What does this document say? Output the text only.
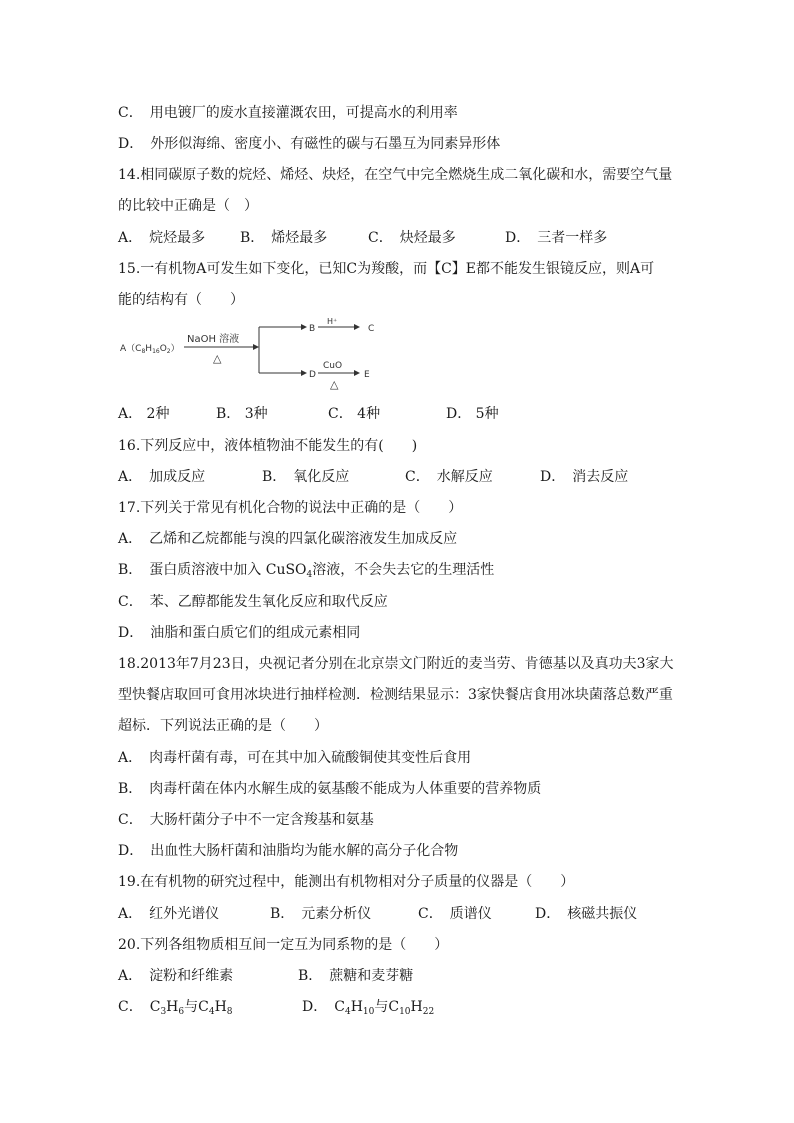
C．　用电镀厂的废水直接灌溉农田，可提高水的利用率
D．　外形似海绵、密度小、有磁性的碳与石墨互为同素异形体
14.相同碳原子数的烷烃、烯烃、炔烃，在空气中完全燃烧生成二氧化碳和水，需要空气量
的比较中正确是（　）
A．　烷烃最多 B．　烯烃最多	C．　炔烃最多	D．　三者一样多
15.一有机物A可发生如下变化，已知C为羧酸，而【C】E都不能发生银镜反应，则A可
能的结构有（　　）
$A(C_8H_{16}O_2)$
NaOH 溶液
△
B
H⁺
C
D
CuO
△
E
A． 2种	B． 3种	C． 4种	D． 5种
16.下列反应中，液体植物油不能发生的有(　　)
A．　加成反应	B．　氧化反应	C．　水解反应	D．　消去反应
17.下列关于常见有机化合物的说法中正确的是（　　）
A．　乙烯和乙烷都能与溴的四氯化碳溶液发生加成反应
B．　蛋白质溶液中加入 CuSO$_4$溶液，不会失去它的生理活性
C．　苯、乙醇都能发生氧化反应和取代反应
D．　油脂和蛋白质它们的组成元素相同
18.2013年7月23日，央视记者分别在北京崇文门附近的麦当劳、肯德基以及真功夫3家大
型快餐店取回可食用冰块进行抽样检测．检测结果显示：3家快餐店食用冰块菌落总数严重
超标．下列说法正确的是（　　）
A．　肉毒杆菌有毒，可在其中加入硫酸铜使其变性后食用
B．　肉毒杆菌在体内水解生成的氨基酸不能成为人体重要的营养物质
C．　大肠杆菌分子中不一定含羧基和氨基
D．　出血性大肠杆菌和油脂均为能水解的高分子化合物
19.在有机物的研究过程中，能测出有机物相对分子质量的仪器是（　　）
A．　红外光谱仪	B．　元素分析仪	C．　质谱仪	D．　核磁共振仪
20.下列各组物质相互间一定互为同系物的是（　　）
A．　淀粉和纤维素	B．　蔗糖和麦芽糖
C．　 $C_3H_6$与$C_4H_8$	D．　 $C_4H_{10}$与$C_{10}H_{22}$
